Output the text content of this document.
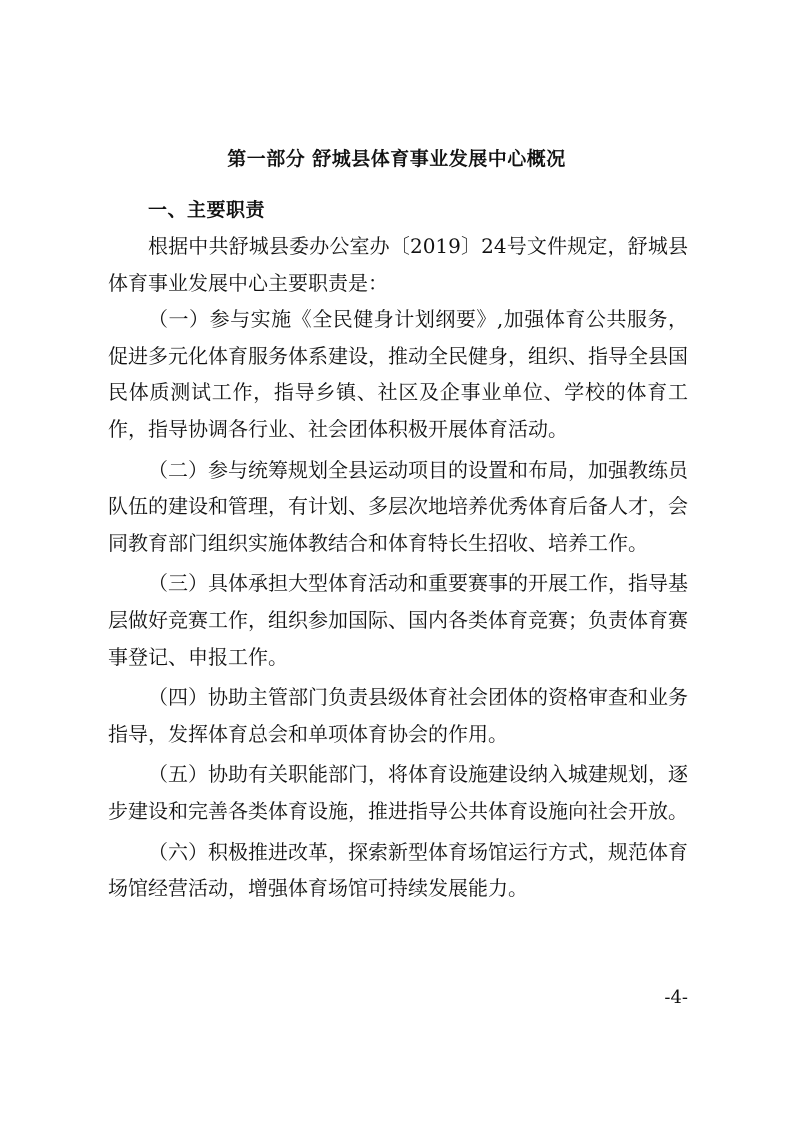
第一部分 舒城县体育事业发展中心概况
一、主要职责

根据中共舒城县委办公室办〔2019〕24号文件规定，舒城县体育事业发展中心主要职责是：

（一）参与实施《全民健身计划纲要》,加强体育公共服务，促进多元化体育服务体系建设，推动全民健身，组织、指导全县国民体质测试工作，指导乡镇、社区及企事业单位、学校的体育工作，指导协调各行业、社会团体积极开展体育活动。

（二）参与统筹规划全县运动项目的设置和布局，加强教练员队伍的建设和管理，有计划、多层次地培养优秀体育后备人才，会同教育部门组织实施体教结合和体育特长生招收、培养工作。

（三）具体承担大型体育活动和重要赛事的开展工作，指导基层做好竞赛工作，组织参加国际、国内各类体育竞赛；负责体育赛事登记、申报工作。

（四）协助主管部门负责县级体育社会团体的资格审查和业务指导，发挥体育总会和单项体育协会的作用。

（五）协助有关职能部门，将体育设施建设纳入城建规划，逐步建设和完善各类体育设施，推进指导公共体育设施向社会开放。

（六）积极推进改革，探索新型体育场馆运行方式，规范体育场馆经营活动，增强体育场馆可持续发展能力。

-4-
